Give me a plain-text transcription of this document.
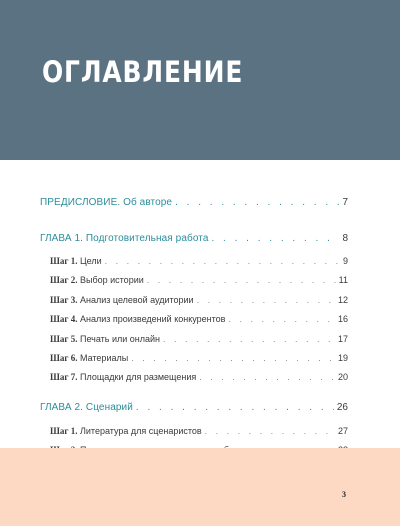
ОГЛАВЛЕНИЕ
ПРЕДИСЛОВИЕ. Об авторе . . .	7
ГЛАВА 1. Подготовительная работа . . .	8
Шаг 1. Цели . . .	9
Шаг 2. Выбор истории . . .	11
Шаг 3. Анализ целевой аудитории . . .	12
Шаг 4. Анализ произведений конкурентов . . .	16
Шаг 5. Печать или онлайн . . .	17
Шаг 6. Материалы . . .	19
Шаг 7. Площадки для размещения . . .	20
ГЛАВА 2. Сценарий . . .	26
Шаг 1. Литература для сценаристов . . .	27
. . .
3
